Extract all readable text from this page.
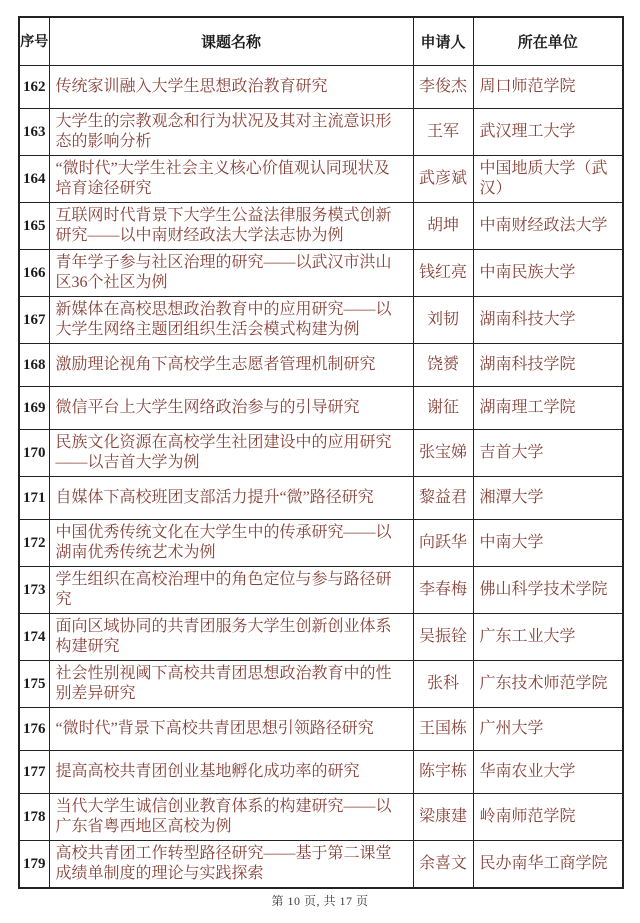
序号	课题名称	申请人	所在单位
162	传统家训融入大学生思想政治教育研究	李俊杰	周口师范学院
163	大学生的宗教观念和行为状况及其对主流意识形态的影响分析	王军	武汉理工大学
164	“微时代”大学生社会主义核心价值观认同现状及培育途径研究	武彦斌	中国地质大学（武汉）
165	互联网时代背景下大学生公益法律服务模式创新研究——以中南财经政法大学法志协为例	胡坤	中南财经政法大学
166	青年学子参与社区治理的研究——以武汉市洪山区36个社区为例	钱红亮	中南民族大学
167	新媒体在高校思想政治教育中的应用研究——以大学生网络主题团组织生活会模式构建为例	刘韧	湖南科技大学
168	激励理论视角下高校学生志愿者管理机制研究	饶赟	湖南科技学院
169	微信平台上大学生网络政治参与的引导研究	谢征	湖南理工学院
170	民族文化资源在高校学生社团建设中的应用研究——以吉首大学为例	张宝娣	吉首大学
171	自媒体下高校班团支部活力提升“微”路径研究	黎益君	湘潭大学
172	中国优秀传统文化在大学生中的传承研究——以湖南优秀传统艺术为例	向跃华	中南大学
173	学生组织在高校治理中的角色定位与参与路径研究	李春梅	佛山科学技术学院
174	面向区域协同的共青团服务大学生创新创业体系构建研究	吴振铨	广东工业大学
175	社会性别视阈下高校共青团思想政治教育中的性别差异研究	张科	广东技术师范学院
176	“微时代”背景下高校共青团思想引领路径研究	王国栋	广州大学
177	提高高校共青团创业基地孵化成功率的研究	陈宇栋	华南农业大学
178	当代大学生诚信创业教育体系的构建研究——以广东省粤西地区高校为例	梁康建	岭南师范学院
179	高校共青团工作转型路径研究——基于第二课堂成绩单制度的理论与实践探索	余喜文	民办南华工商学院
第 10 页, 共 17 页
